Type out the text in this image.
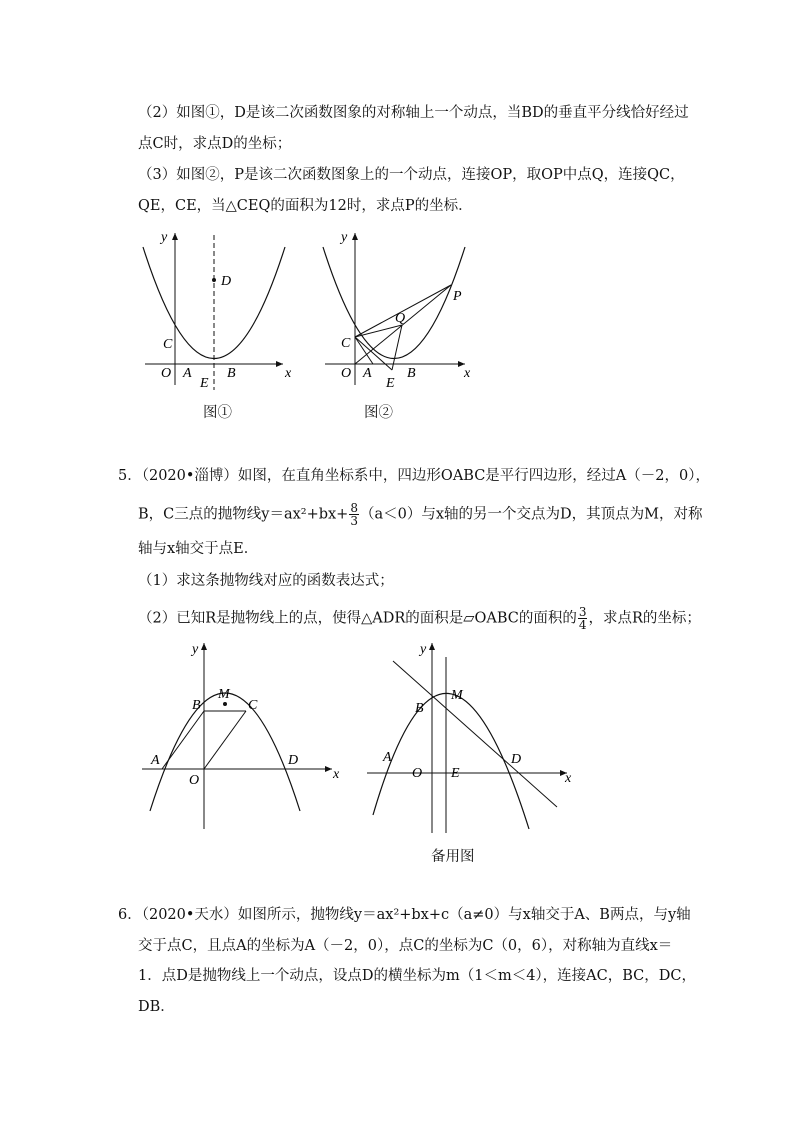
（2）如图①，D是该二次函数图象的对称轴上一个动点，当BD的垂直平分线恰好经过
点C时，求点D的坐标；
（3）如图②，P是该二次函数图象上的一个动点，连接OP，取OP中点Q，连接QC，
QE，CE，当△CEQ的面积为12时，求点P的坐标．
x
y
O A	B
C
D
E
图①
x
y
O A	B
C
E
Q
P
图②
5．（2020•淄博）如图，在直角坐标系中，四边形OABC是平行四边形，经过A（－2，0），
B，C三点的抛物线$y=ax^2+bx+ \frac{8}{3} (a<0)$与x轴的另一个交点为D，其顶点为M，对称
轴与x轴交于点E．
（1）求这条抛物线对应的函数表达式；
（2）已知R是抛物线上的点，使得△ADR的面积是▱OABC的面积的 $\frac{3}{4}$ ，求点R的坐标；
x
y
O
A
B	C
D
M
x
y
O
A
B
M
E
D
备用图
6．（2020•天水）如图所示，抛物线y＝ax²+bx+c（a≠0）与x轴交于A、B两点，与y轴
交于点C，且点A的坐标为A（－2，0），点C的坐标为C（0，6），对称轴为直线x＝
1．点D是抛物线上一个动点，设点D的横坐标为m（1＜m＜4），连接AC，BC，DC，
DB．
